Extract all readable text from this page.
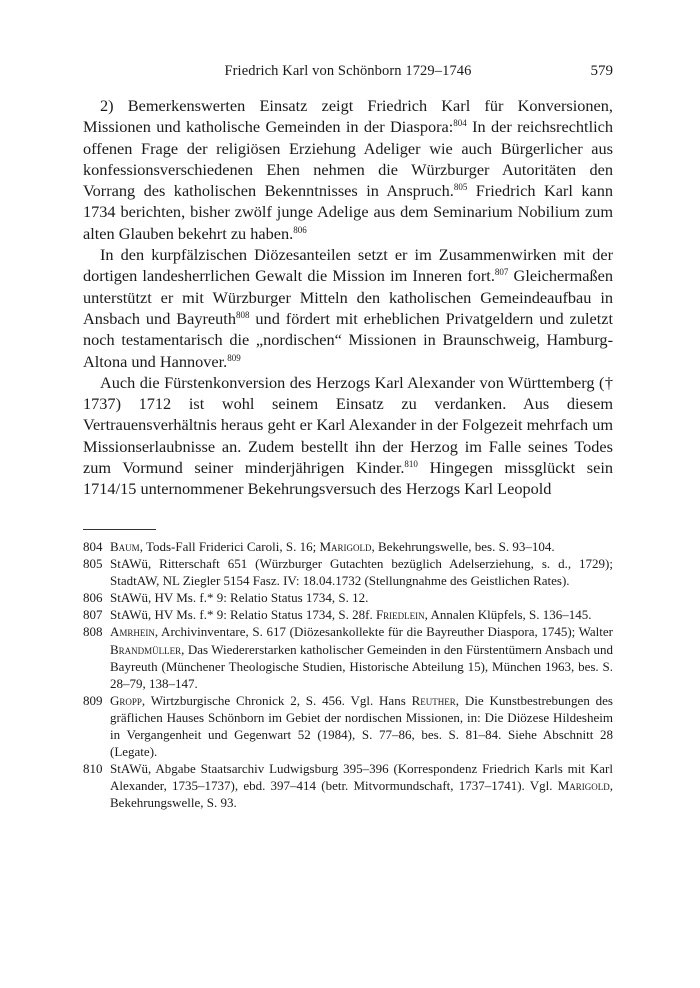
Friedrich Karl von Schönborn 1729–1746	579

2) Bemerkenswerten Einsatz zeigt Friedrich Karl für Konversionen, Missionen und katholische Gemeinden in der Diaspora:$^{804}$ In der reichsrechtlich offenen Frage der religiösen Erziehung Adeliger wie auch Bürgerlicher aus konfessionsverschiedenen Ehen nehmen die Würzburger Autoritäten den Vorrang des katholischen Bekenntnisses in Anspruch.$^{805}$ Friedrich Karl kann 1734 berichten, bisher zwölf junge Adelige aus dem Seminarium Nobilium zum alten Glauben bekehrt zu haben.$^{806}$

In den kurpfälzischen Diözesanteilen setzt er im Zusammenwirken mit der dortigen landesherrlichen Gewalt die Mission im Inneren fort.$^{807}$ Gleichermaßen unterstützt er mit Würzburger Mitteln den katholischen Gemeindeaufbau in Ansbach und Bayreuth$^{808}$ und fördert mit erheblichen Privatgeldern und zuletzt noch testamentarisch die „nordischen“ Missionen in Braunschweig, Hamburg-Altona und Hannover.$^{809}$

Auch die Fürstenkonversion des Herzogs Karl Alexander von Württemberg († 1737) 1712 ist wohl seinem Einsatz zu verdanken. Aus diesem Vertrauensverhältnis heraus geht er Karl Alexander in der Folgezeit mehrfach um Missionserlaubnisse an. Zudem bestellt ihn der Herzog im Falle seines Todes zum Vormund seiner minderjährigen Kinder.$^{810}$ Hingegen missglückt sein 1714/15 unternommener Bekehrungsversuch des Herzogs Karl Leopold

804 Baum, Tods-Fall Friderici Caroli, S. 16; Marigold, Bekehrungswelle, bes. S. 93–104.
805 StAWü, Ritterschaft 651 (Würzburger Gutachten bezüglich Adelserziehung, s. d., 1729); StadtAW, NL Ziegler 5154 Fasz. IV: 18.04.1732 (Stellungnahme des Geistlichen Rates).
806 StAWü, HV Ms. f.* 9: Relatio Status 1734, S. 12.
807 StAWü, HV Ms. f.* 9: Relatio Status 1734, S. 28f. Friedlein, Annalen Klüpfels, S. 136–145.
808 Amrhein, Archivinventare, S. 617 (Diözesankollekte für die Bayreuther Diaspora, 1745); Walter Brandmüller, Das Wiedererstarken katholischer Gemeinden in den Fürstentümern Ansbach und Bayreuth (Münchener Theologische Studien, Historische Abteilung 15), München 1963, bes. S. 28–79, 138–147.
809 Gropp, Wirtzburgische Chronick 2, S. 456. Vgl. Hans Reuther, Die Kunstbestrebungen des gräflichen Hauses Schönborn im Gebiet der nordischen Missionen, in: Die Diözese Hildesheim in Vergangenheit und Gegenwart 52 (1984), S. 77–86, bes. S. 81–84. Siehe Abschnitt 28 (Legate).
810 StAWü, Abgabe Staatsarchiv Ludwigsburg 395–396 (Korrespondenz Friedrich Karls mit Karl Alexander, 1735–1737), ebd. 397–414 (betr. Mitvormundschaft, 1737–1741). Vgl. Marigold, Bekehrungswelle, S. 93.
